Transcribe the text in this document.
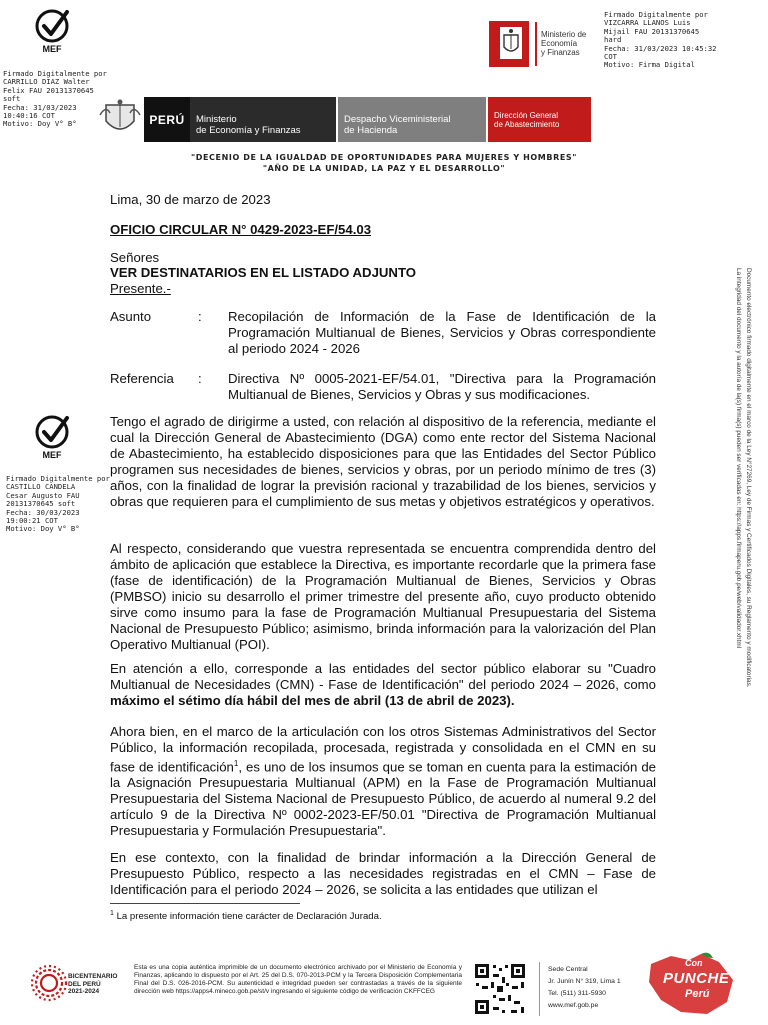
MEF
Firmado Digitalmente por
CARRILLO DIAZ Walter
Felix FAU 20131370645
soft
Fecha: 31/03/2023
10:40:16 COT
Motivo: Doy V° B°
Ministerio de
Economía
y Finanzas
Firmado Digitalmente por
VIZCARRA LLANOS Luis
Mijail FAU 20131370645
hard
Fecha: 31/03/2023 10:45:32
COT
Motivo: Firma Digital
PERÚ	Ministerio
de Economía y Finanzas
Despacho Viceministerial
de Hacienda
Dirección General
de Abastecimiento
"DECENIO DE LA IGUALDAD DE OPORTUNIDADES PARA MUJERES Y HOMBRES"
"AÑO DE LA UNIDAD, LA PAZ Y EL DESARROLLO"
Lima, 30 de marzo de 2023
OFICIO CIRCULAR N° 0429-2023-EF/54.03
Señores
VER DESTINATARIOS EN EL LISTADO ADJUNTO
Presente.-
Asunto	:	Recopilación de Información de la Fase de Identificación de la Programación Multianual de Bienes, Servicios y Obras correspondiente al periodo 2024 - 2026
Referencia	:	Directiva Nº 0005-2021-EF/54.01, "Directiva para la Programación Multianual de Bienes, Servicios y Obras y sus modificaciones.
MEF
Firmado Digitalmente por
CASTILLO CANDELA
Cesar Augusto FAU
20131370645 soft
Fecha: 30/03/2023
19:00:21 COT
Motivo: Doy V° B°
Tengo el agrado de dirigirme a usted, con relación al dispositivo de la referencia, mediante el cual la Dirección General de Abastecimiento (DGA) como ente rector del Sistema Nacional de Abastecimiento, ha establecido disposiciones para que las Entidades del Sector Público programen sus necesidades de bienes, servicios y obras, por un periodo mínimo de tres (3) años, con la finalidad de lograr la previsión racional y trazabilidad de los bienes, servicios y obras que requieren para el cumplimiento de sus metas y objetivos estratégicos y operativos.
Al respecto, considerando que vuestra representada se encuentra comprendida dentro del ámbito de aplicación que establece la Directiva, es importante recordarle que la primera fase (fase de identificación) de la Programación Multianual de Bienes, Servicios y Obras (PMBSO) inicio su desarrollo el primer trimestre del presente año, cuyo producto obtenido sirve como insumo para la fase de Programación Multianual Presupuestaria del Sistema Nacional de Presupuesto Público; asimismo, brinda información para la valorización del Plan Operativo Multianual (POI).
En atención a ello, corresponde a las entidades del sector público elaborar su "Cuadro Multianual de Necesidades (CMN) - Fase de Identificación" del periodo 2024 – 2026, como máximo el sétimo día hábil del mes de abril (13 de abril de 2023).
Ahora bien, en el marco de la articulación con los otros Sistemas Administrativos del Sector Público, la información recopilada, procesada, registrada y consolidada en el CMN en su fase de identificación$^1$, es uno de los insumos que se toman en cuenta para la estimación de la Asignación Presupuestaria Multianual (APM) en la Fase de Programación Multianual Presupuestaria del Sistema Nacional de Presupuesto Público, de acuerdo al numeral 9.2 del artículo 9 de la Directiva Nº 0002-2023-EF/50.01 "Directiva de Programación Multianual Presupuestaria y Formulación Presupuestaria".
En ese contexto, con la finalidad de brindar información a la Dirección General de Presupuesto Público, respecto a las necesidades registradas en el CMN – Fase de Identificación para el periodo 2024 – 2026, se solicita a las entidades que utilizan el
$^1$ La presente información tiene carácter de Declaración Jurada.
Documento electrónico firmado digitalmente en el marco de la Ley N°27269, Ley de Firmas y Certificados Digitales, su Reglamento y modificatorias.
La integridad del documento y la autoría de la(s) firma(s) pueden ser verificadas en: https://apps.firmaperu.gob.pe/web/validador.xhtml
BICENTENARIO
DEL PERÚ
2021-2024
Esta es una copia auténtica imprimible de un documento electrónico archivado por el Ministerio de Economía y Finanzas, aplicando lo dispuesto por el Art. 25 del D.S. 070-2013-PCM y la Tercera Disposición Complementaria Final del D.S. 026-2016-PCM. Su autenticidad e integridad pueden ser contrastadas a través de la siguiente dirección web https://apps4.mineco.gob.pe/st/v ingresando el siguiente código de verificación CKFFCEG
Sede Central
Jr. Junín N° 319, Lima 1
Tel. (511) 311-5930
www.mef.gob.pe
Con
PUNCHE
Perú
